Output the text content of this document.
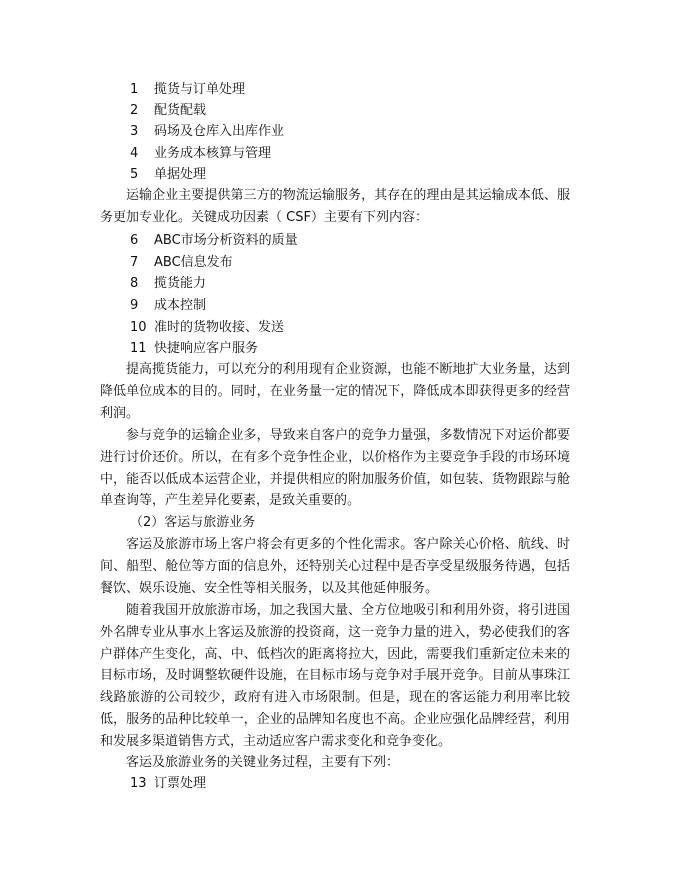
1 揽货与订单处理
2 配货配载
3 码场及仓库入出库作业
4 业务成本核算与管理
5 单据处理
运输企业主要提供第三方的物流运输服务，其存在的理由是其运输成本低、服务更加专业化。关键成功因素（ CSF）主要有下列内容：
6 ABC市场分析资料的质量
7 ABC信息发布
8 揽货能力
9 成本控制
10 准时的货物收接、发送
11 快捷响应客户服务
提高揽货能力，可以充分的利用现有企业资源，也能不断地扩大业务量，达到降低单位成本的目的。同时，在业务量一定的情况下，降低成本即获得更多的经营利润。
参与竞争的运输企业多，导致来自客户的竞争力量强，多数情况下对运价都要进行讨价还价。所以，在有多个竞争性企业，以价格作为主要竞争手段的市场环境中，能否以低成本运营企业，并提供相应的附加服务价值，如包装、货物跟踪与舱单查询等，产生差异化要素，是致关重要的。
（2）客运与旅游业务
客运及旅游市场上客户将会有更多的个性化需求。客户除关心价格、航线、时间、船型、舱位等方面的信息外，还特别关心过程中是否享受星级服务待遇，包括餐饮、娱乐设施、安全性等相关服务，以及其他延伸服务。
随着我国开放旅游市场，加之我国大量、全方位地吸引和利用外资，将引进国外名牌专业从事水上客运及旅游的投资商，这一竞争力量的进入，势必使我们的客户群体产生变化，高、中、低档次的距离将拉大，因此，需要我们重新定位未来的目标市场，及时调整软硬件设施，在目标市场与竞争对手展开竞争。目前从事珠江线路旅游的公司较少，政府有进入市场限制。但是，现在的客运能力利用率比较低，服务的品种比较单一，企业的品牌知名度也不高。企业应强化品牌经营，利用和发展多渠道销售方式，主动适应客户需求变化和竞争变化。
客运及旅游业务的关键业务过程，主要有下列：
13 订票处理
